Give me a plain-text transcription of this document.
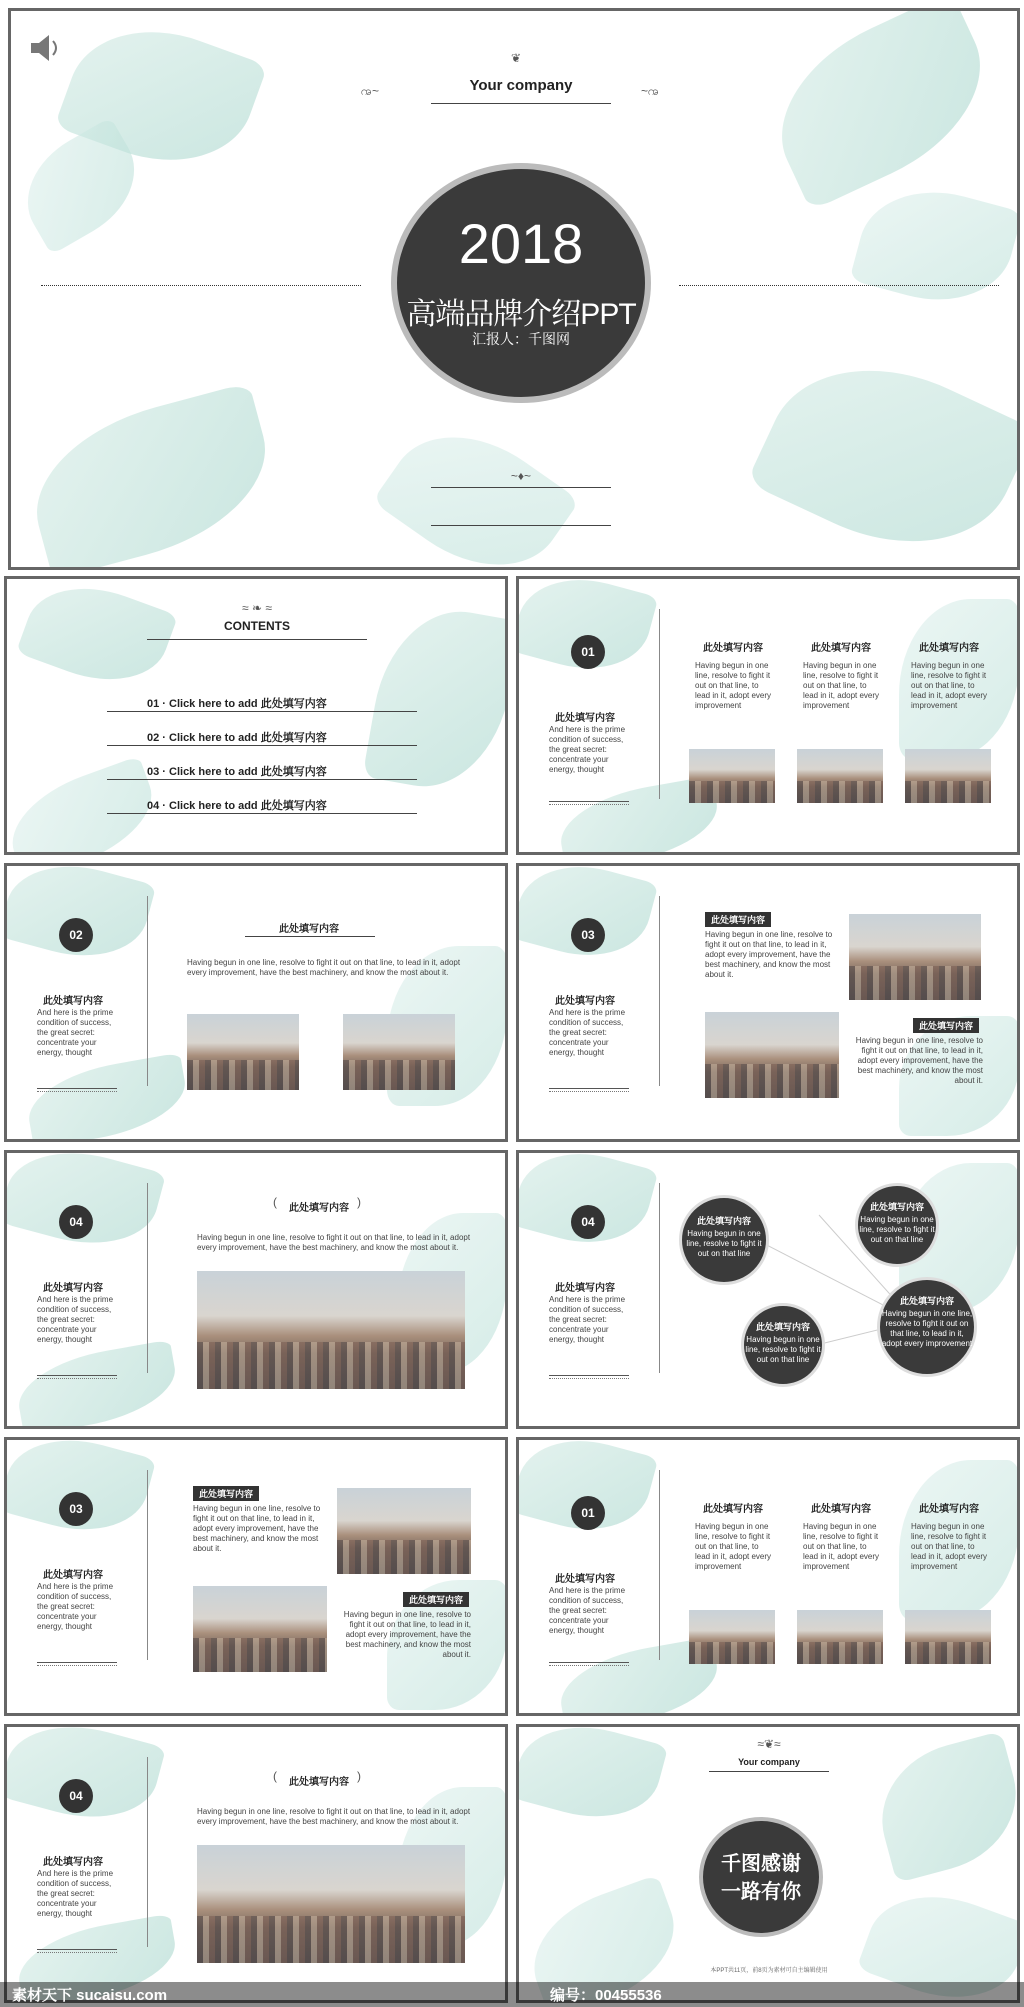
❦
ꩠ~	~ꩠ
Your company
2018
高端品牌介绍PPT
汇报人：千图网
~♦~
≈ ❧ ≈
CONTENTS
01 · Click here to add 此处填写内容
02 · Click here to add 此处填写内容
03 · Click here to add 此处填写内容
04 · Click here to add 此处填写内容
01
此处填写内容
And here is the prime condition of success, the great secret: concentrate your energy, thought
此处填写内容
Having begun in one line, resolve to fight it out on that line, to lead in it, adopt every improvement
此处填写内容
Having begun in one line, resolve to fight it out on that line, to lead in it, adopt every improvement
此处填写内容
Having begun in one line, resolve to fight it out on that line, to lead in it, adopt every improvement
02
此处填写内容
And here is the prime condition of success, the great secret: concentrate your energy, thought
此处填写内容
Having begun in one line, resolve to fight it out on that line, to lead in it, adopt every improvement, have the best machinery, and know the most about it.
03
此处填写内容
And here is the prime condition of success, the great secret: concentrate your energy, thought
此处填写内容
Having begun in one line, resolve to fight it out on that line, to lead in it, adopt every improvement, have the best machinery, and know the most about it.
此处填写内容
Having begun in one line, resolve to fight it out on that line, to lead in it, adopt every improvement, have the best machinery, and know the most about it.
04
此处填写内容
And here is the prime condition of success, the great secret: concentrate your energy, thought
此处填写内容
(	)
Having begun in one line, resolve to fight it out on that line, to lead in it, adopt every improvement, have the best machinery, and know the most about it.
04
此处填写内容
And here is the prime condition of success, the great secret: concentrate your energy, thought
此处填写内容
Having begun in one line, resolve to fight it out on that line
此处填写内容
Having begun in one line, resolve to fight it out on that line
此处填写内容
Having begun in one line, resolve to fight it out on that line, to lead in it, adopt every improvement
此处填写内容
Having begun in one line, resolve to fight it out on that line
03
此处填写内容
And here is the prime condition of success, the great secret: concentrate your energy, thought
此处填写内容
Having begun in one line, resolve to fight it out on that line, to lead in it, adopt every improvement, have the best machinery, and know the most about it.
此处填写内容
Having begun in one line, resolve to fight it out on that line, to lead in it, adopt every improvement, have the best machinery, and know the most about it.
01
此处填写内容
And here is the prime condition of success, the great secret: concentrate your energy, thought
此处填写内容
Having begun in one line, resolve to fight it out on that line, to lead in it, adopt every improvement
此处填写内容
Having begun in one line, resolve to fight it out on that line, to lead in it, adopt every improvement
此处填写内容
Having begun in one line, resolve to fight it out on that line, to lead in it, adopt every improvement
04
此处填写内容
And here is the prime condition of success, the great secret: concentrate your energy, thought
此处填写内容
(	)
Having begun in one line, resolve to fight it out on that line, to lead in it, adopt every improvement, have the best machinery, and know the most about it.
≈❦≈
Your company
千图感谢
一路有你
本PPT共11页，前8页为素材可自主编辑使用
素材天下 sucaisu.com	编号：00455536
